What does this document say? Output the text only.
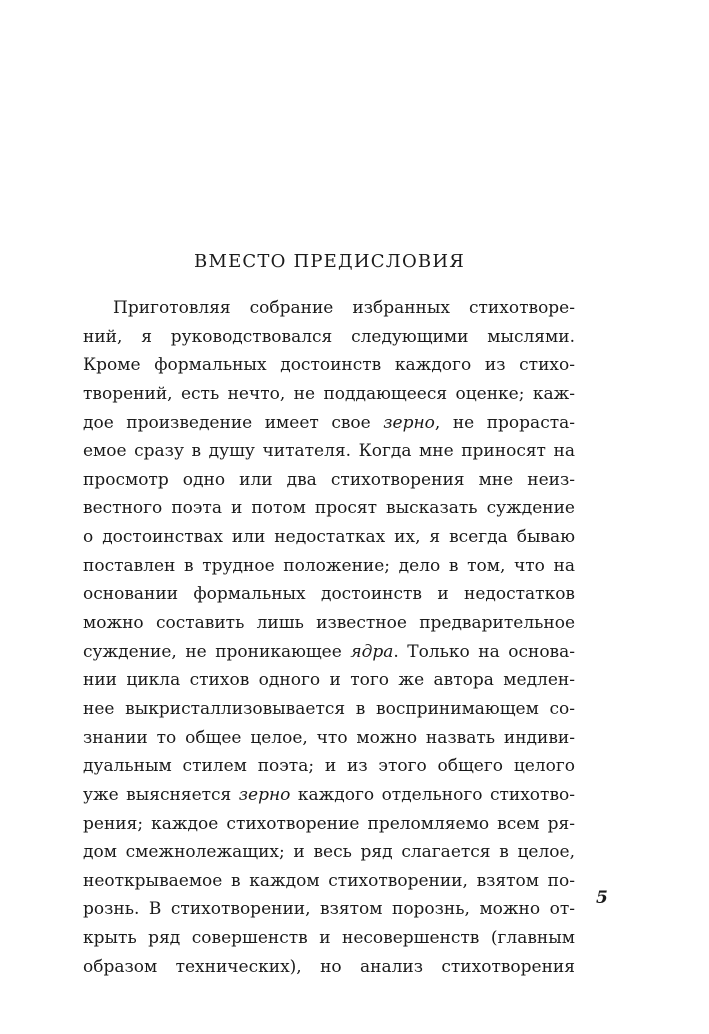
ВМЕСТО ПРЕДИСЛОВИЯ
Приготовляя собрание избранных стихотворе-
ний, я руководствовался следующими мыслями.
Кроме формальных достоинств каждого из стихо-
творений, есть нечто, не поддающееся оценке; каж-
дое произведение имеет свое зерно, не прораста-
емое сразу в душу читателя. Когда мне приносят на
просмотр одно или два стихотворения мне неиз-
вестного поэта и потом просят высказать суждение
о достоинствах или недостатках их, я всегда бываю
поставлен в трудное положение; дело в том, что на
основании формальных достоинств и недостатков
можно составить лишь известное предварительное
суждение, не проникающее ядра. Только на основа-
нии цикла стихов одного и того же автора медлен-
нее выкристаллизовывается в воспринимающем со-
знании то общее целое, что можно назвать индиви-
дуальным стилем поэта; и из этого общего целого
уже выясняется зерно каждого отдельного стихотво-
рения; каждое стихотворение преломляемо всем ря-
дом смежнолежащих; и весь ряд слагается в целое,
неоткрываемое в каждом стихотворении, взятом по-
рознь. В стихотворении, взятом порознь, можно от-
крыть ряд совершенств и несовершенств (главным
образом технических), но анализ стихотворения
5
